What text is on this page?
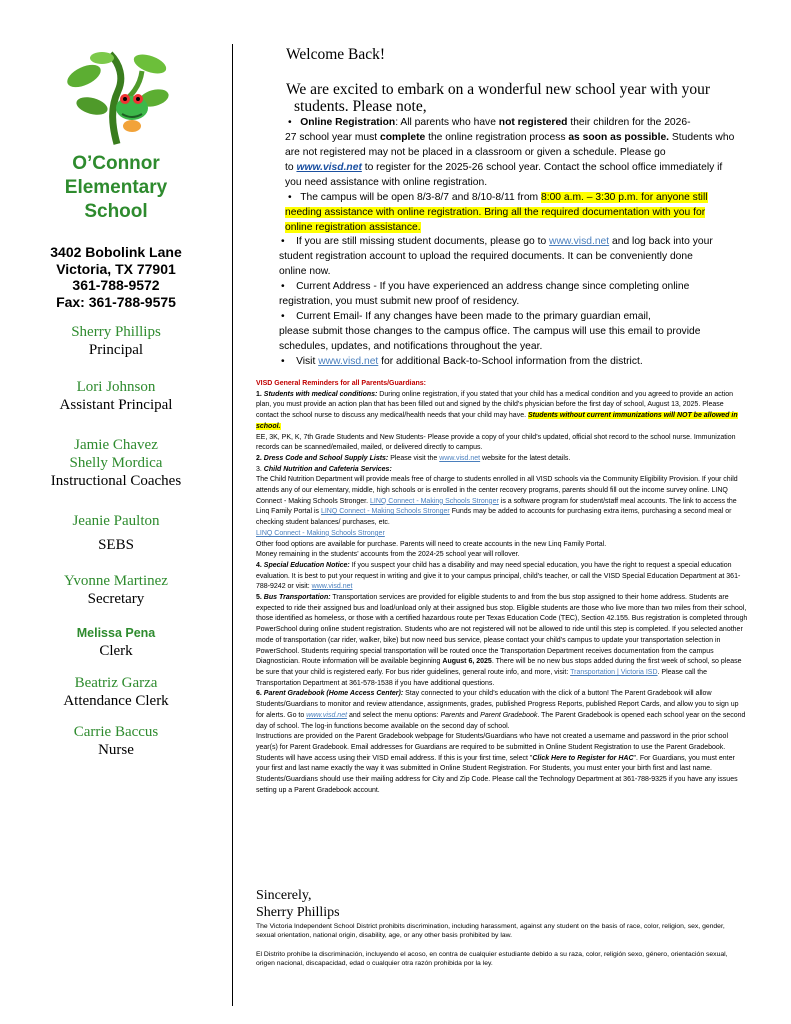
O’Connor
Elementary
School
3402 Bobolink Lane
Victoria, TX 77901
361-788-9572
Fax: 361-788-9575
Sherry Phillips
Principal
Lori Johnson
Assistant Principal
Jamie Chavez
Shelly Mordica
Instructional Coaches
Jeanie Paulton
SEBS
Yvonne Martinez
Secretary
Melissa Pena
Clerk
Beatriz Garza
Attendance Clerk
Carrie Baccus
Nurse
Welcome Back!
We are excited to embark on a wonderful new school year with your
students. Please note,
• Online Registration: All parents who have not registered their children for the 2026-
27 school year must complete the online registration process as soon as possible. Students who
are not registered may not be placed in a classroom or given a schedule. Please go
to www.visd.net to register for the 2025-26 school year. Contact the school office immediately if
you need assistance with online registration.
• The campus will be open 8/3-8/7 and 8/10-8/11 from 8:00 a.m. – 3:30 p.m. for anyone still
needing assistance with online registration. Bring all the required documentation with you for
online registration assistance.
• If you are still missing student documents, please go to www.visd.net and log back into your
student registration account to upload the required documents. It can be conveniently done
online now.
• Current Address - If you have experienced an address change since completing online
registration, you must submit new proof of residency.
• Current Email- If any changes have been made to the primary guardian email,
please submit those changes to the campus office. The campus will use this email to provide
schedules, updates, and notifications throughout the year.
• Visit www.visd.net for additional Back-to-School information from the district.

VISD General Reminders for all Parents/Guardians:

1. Students with medical conditions: During online registration, if you stated that your child has a medical condition and you agreed to provide an action plan, you must provide an action plan that has been filled out and signed by the child’s physician before the first day of school, August 13, 2025. Please contact the school nurse to discuss any medical/health needs that your child may have. Students without current immunizations will NOT be allowed in school.

EE, 3K, PK, K, 7th Grade Students and New Students- Please provide a copy of your child’s updated, official shot record to the school nurse. Immunization records can be scanned/emailed, mailed, or delivered directly to campus.

2. Dress Code and School Supply Lists: Please visit the www.visd.net website for the latest details.

3. Child Nutrition and Cafeteria Services:

The Child Nutrition Department will provide meals free of charge to students enrolled in all VISD schools via the Community Eligibility Provision. If your child attends any of our elementary, middle, high schools or is enrolled in the center recovery programs, parents should fill out the income survey online. LINQ Connect - Making Schools Stronger. LINQ Connect - Making Schools Stronger is a software program for student/staff meal accounts. The link to access the Linq Family Portal is LINQ Connect - Making Schools Stronger Funds may be added to accounts for purchasing extra items, purchasing a second meal or checking student balances/ purchases, etc.

LINQ Connect - Making Schools Stronger

Other food options are available for purchase. Parents will need to create accounts in the new Linq Family Portal.

Money remaining in the students’ accounts from the 2024-25 school year will rollover.

4. Special Education Notice: If you suspect your child has a disability and may need special education, you have the right to request a special education evaluation. It is best to put your request in writing and give it to your campus principal, child’s teacher, or call the VISD Special Education Department at 361-788-9242 or visit: www.visd.net

5. Bus Transportation: Transportation services are provided for eligible students to and from the bus stop assigned to their home address. Students are expected to ride their assigned bus and load/unload only at their assigned bus stop. Eligible students are those who live more than two miles from their school, those identified as homeless, or those with a certified hazardous route per Texas Education Code (TEC), Section 42.155. Bus registration is completed through PowerSchool during online student registration. Students who are not registered will not be allowed to ride until this step is completed. If you selected another mode of transportation (car rider, walker, bike) but now need bus service, please contact your child’s campus to update your transportation selection in PowerSchool. Students requiring special transportation will be routed once the Transportation Department receives documentation from the campus Diagnostician. Route information will be available beginning August 6, 2025. There will be no new bus stops added during the first week of school, so please be sure that your child is registered early. For bus rider guidelines, general route info, and more, visit: Transportation | Victoria ISD. Please call the Transportation Department at 361-578-1538 if you have additional questions.

6. Parent Gradebook (Home Access Center): Stay connected to your child’s education with the click of a button! The Parent Gradebook will allow Students/Guardians to monitor and review attendance, assignments, grades, published Progress Reports, published Report Cards, and allow you to sign up for alerts. Go to www.visd.net and select the menu options: Parents and Parent Gradebook. The Parent Gradebook is opened each school year on the second day of school. The log-in functions become available on the second day of school.

Instructions are provided on the Parent Gradebook webpage for Students/Guardians who have not created a username and password in the prior school year(s) for Parent Gradebook. Email addresses for Guardians are required to be submitted in Online Student Registration to use the Parent Gradebook. Students will have access using their VISD email address. If this is your first time, select "Click Here to Register for HAC". For Guardians, you must enter your first and last name exactly the way it was submitted in Online Student Registration. For Students, you must enter your birth first and last name. Students/Guardians should use their mailing address for City and Zip Code. Please call the Technology Department at 361-788-9325 if you have any issues setting up a Parent Gradebook account.

Sincerely,
Sherry Phillips
The Victoria Independent School District prohibits discrimination, including harassment, against any student on the basis of race, color, religion, sex, gender, sexual orientation, national origin, disability, age, or any other basis prohibited by law.
El Distrito prohíbe la discriminación, incluyendo el acoso, en contra de cualquier estudiante debido a su raza, color, religión sexo, género, orientación sexual, origen nacional, discapacidad, edad o cualquier otra razón prohibida por la ley.
